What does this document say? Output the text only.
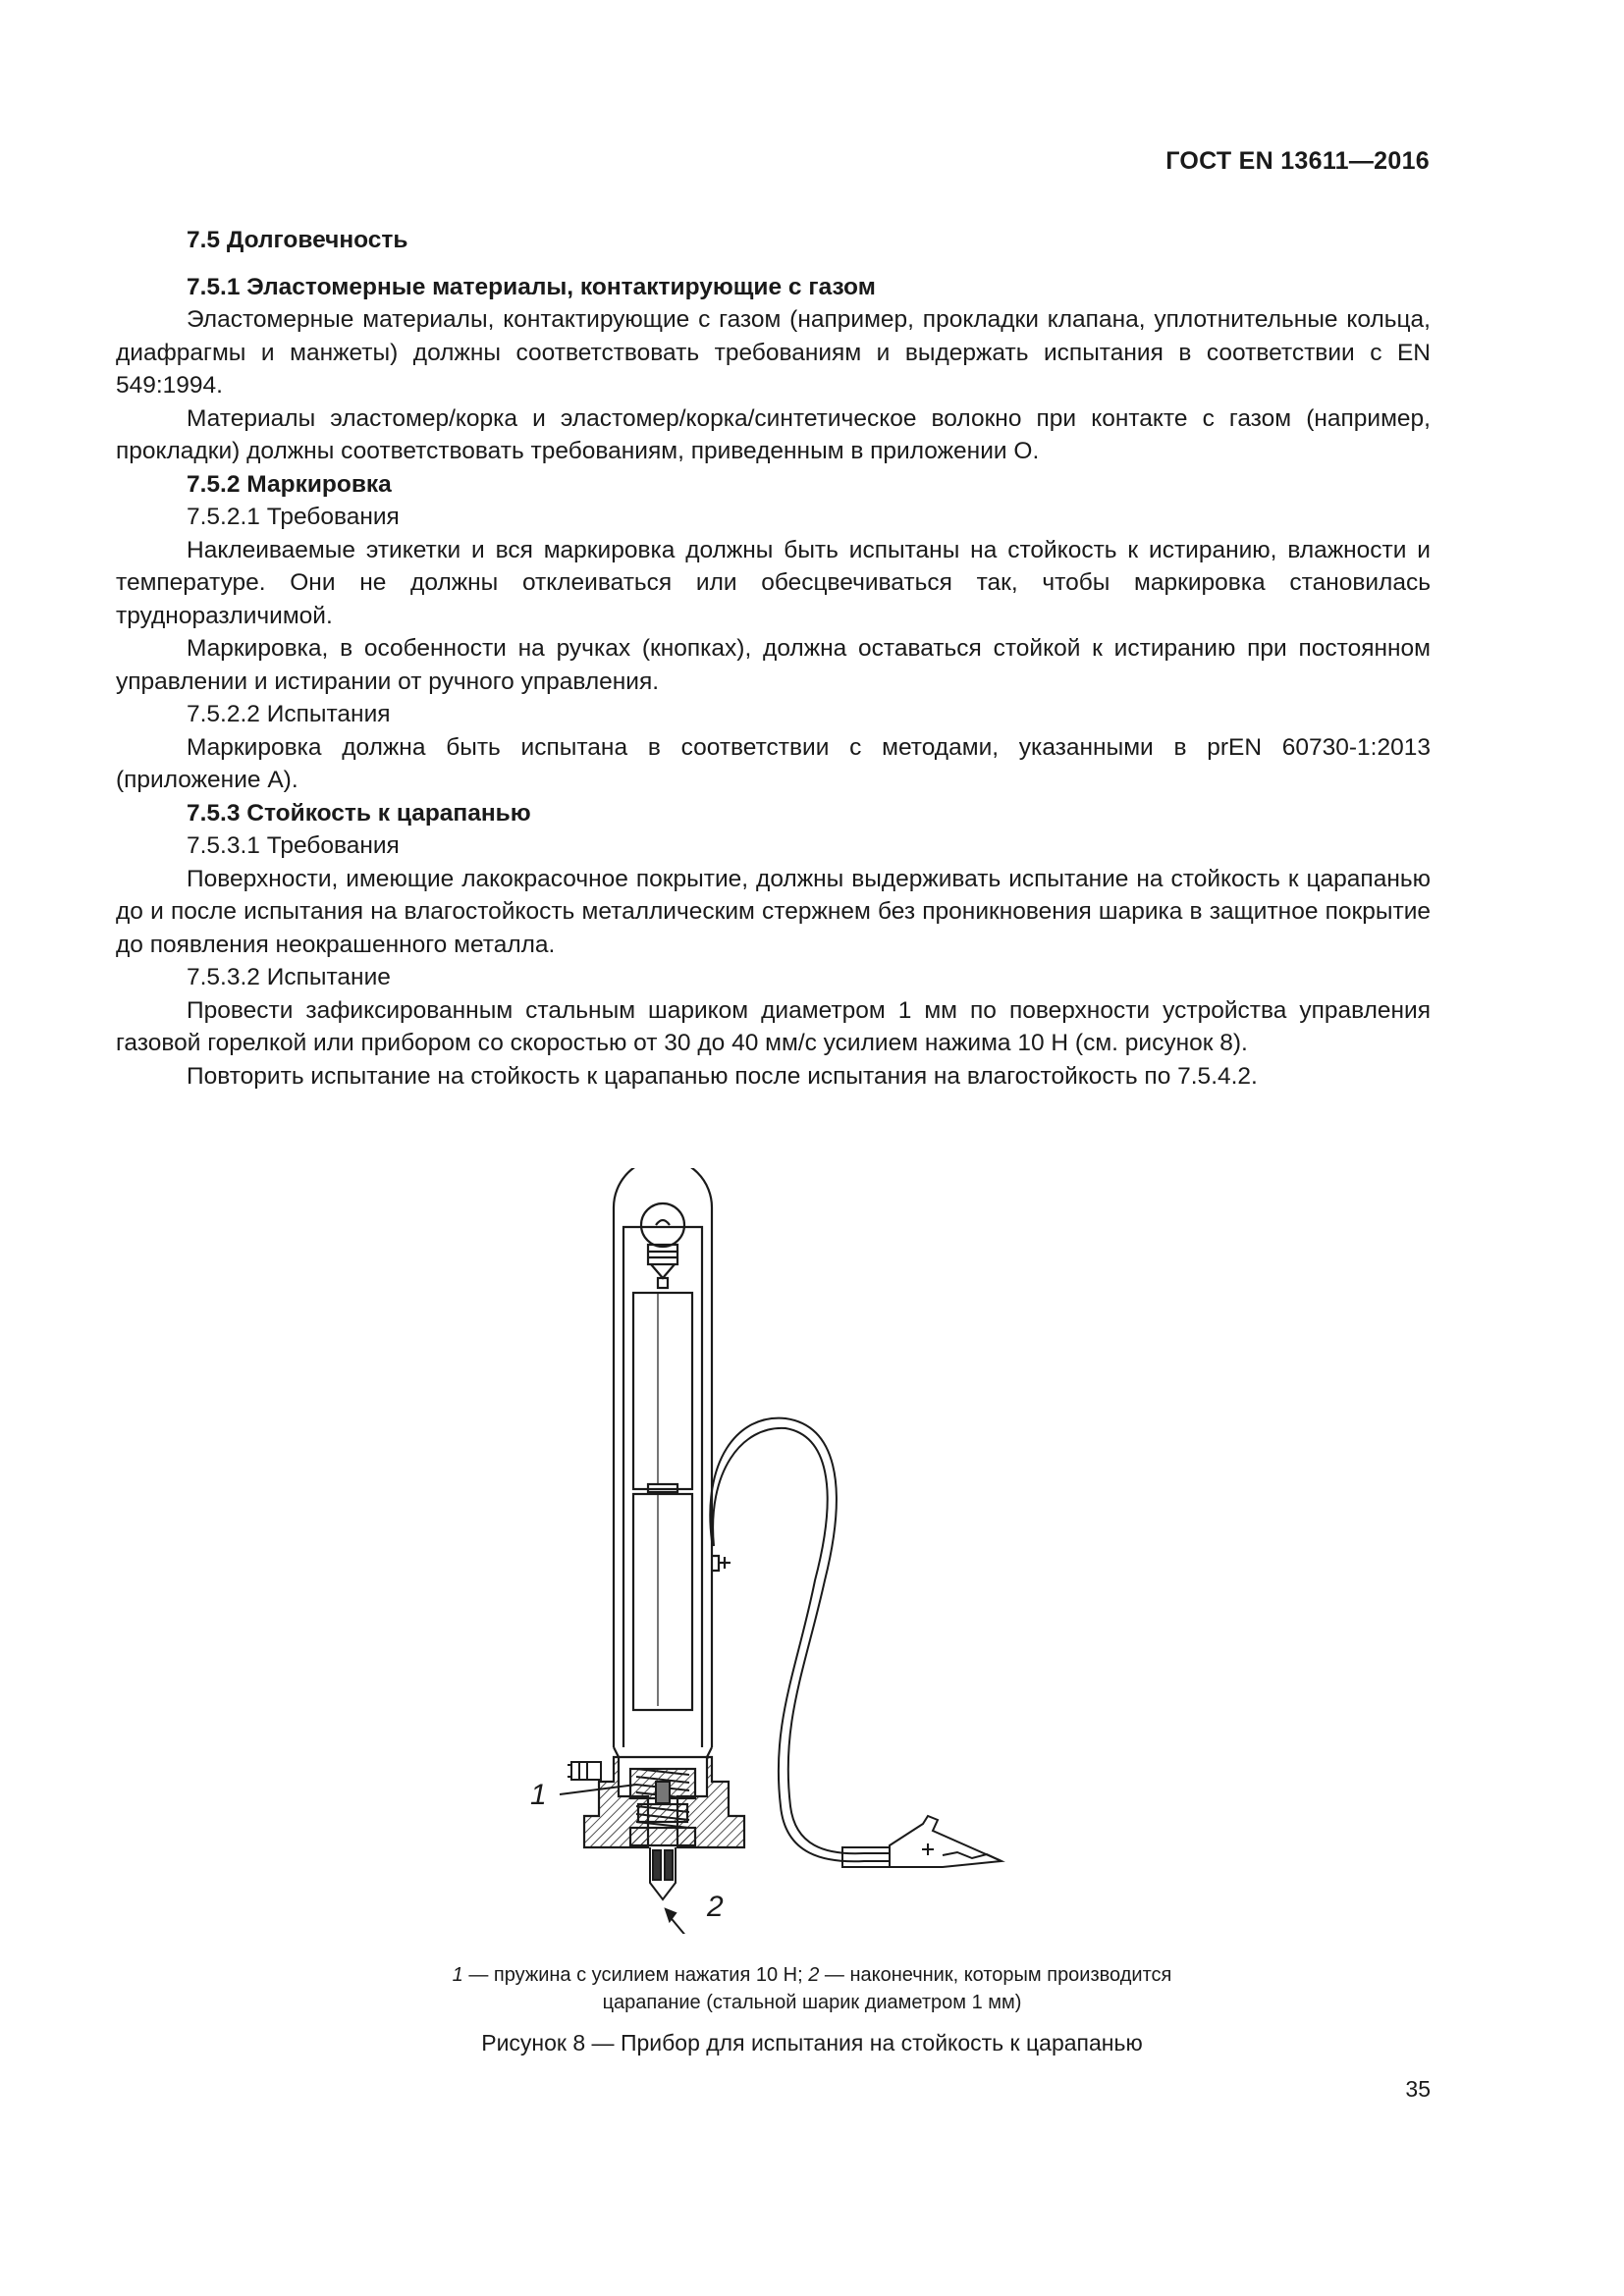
ГОСТ EN 13611—2016

7.5 Долговечность

7.5.1 Эластомерные материалы, контактирующие с газом

Эластомерные материалы, контактирующие с газом (например, прокладки клапана, уплотнительные кольца, диафрагмы и манжеты) должны соответствовать требованиям и выдержать испытания в соответствии с EN 549:1994.

Материалы эластомер/корка и эластомер/корка/синтетическое волокно при контакте с газом (например, прокладки) должны соответствовать требованиям, приведенным в приложении О.

7.5.2 Маркировка

7.5.2.1 Требования

Наклеиваемые этикетки и вся маркировка должны быть испытаны на стойкость к истиранию, влажности и температуре. Они не должны отклеиваться или обесцвечиваться так, чтобы маркировка становилась трудноразличимой.

Маркировка, в особенности на ручках (кнопках), должна оставаться стойкой к истиранию при постоянном управлении и истирании от ручного управления.

7.5.2.2 Испытания

Маркировка должна быть испытана в соответствии с методами, указанными в prEN 60730-1:2013 (приложение А).

7.5.3 Стойкость к царапанью

7.5.3.1 Требования

Поверхности, имеющие лакокрасочное покрытие, должны выдерживать испытание на стойкость к царапанью до и после испытания на влагостойкость металлическим стержнем без проникновения шарика в защитное покрытие до появления неокрашенного металла.

7.5.3.2 Испытание

Провести зафиксированным стальным шариком диаметром 1 мм по поверхности устройства управления газовой горелкой или прибором со скоростью от 30 до 40 мм/с усилием нажима 10 Н (см. рисунок 8).

Повторить испытание на стойкость к царапанью после испытания на влагостойкость по 7.5.4.2.

1
2
1 — пружина с усилием нажатия 10 Н; 2 — наконечник, которым производится
царапание (стальной шарик диаметром 1 мм)
Рисунок 8 — Прибор для испытания на стойкость к царапанью
35
